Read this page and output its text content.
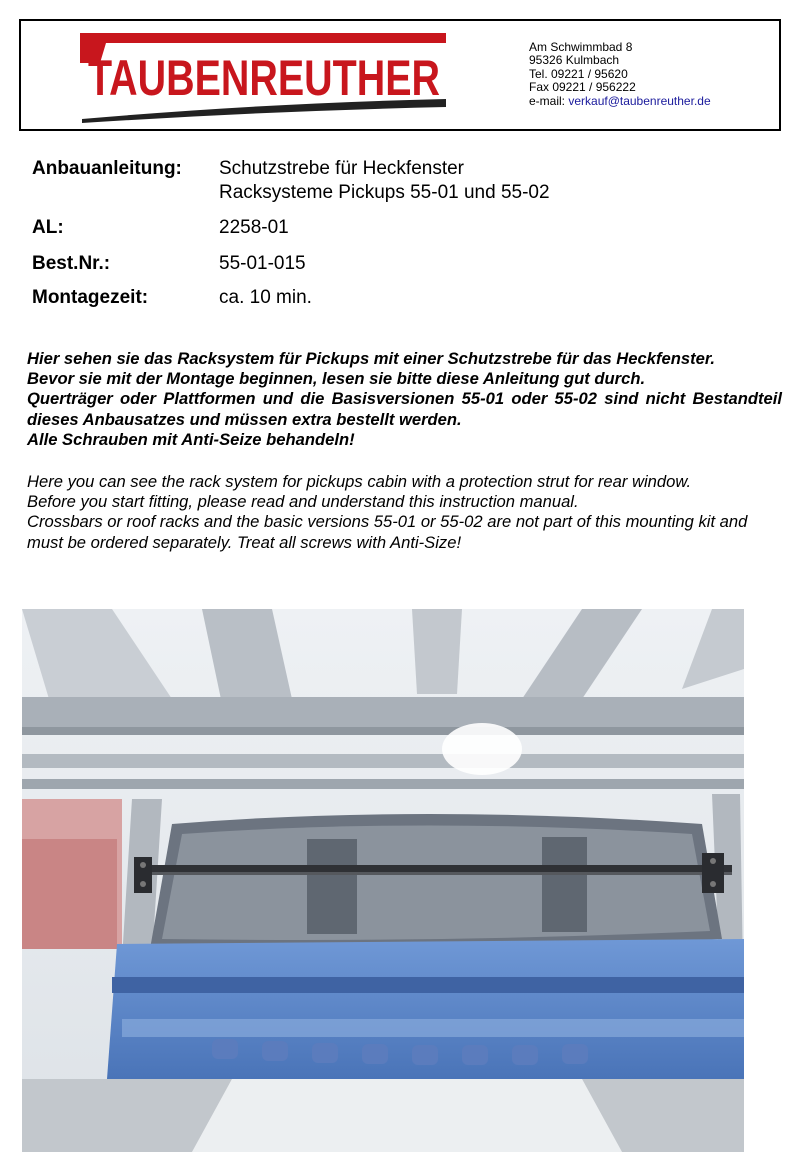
TAUBENREUTHER
Am Schwimmbad 8
95326 Kulmbach
Tel. 09221 / 95620
Fax 09221 / 956222
e-mail: verkauf@taubenreuther.de
Anbauanleitung: Schutzstrebe für Heckfenster
Racksysteme Pickups 55-01 und 55-02
AL:	2258-01
Best.Nr.:	55-01-015
Montagezeit:	ca. 10 min.

Hier sehen sie das Racksystem für Pickups mit einer Schutzstrebe für das Heckfenster.

Bevor sie mit der Montage beginnen, lesen sie bitte diese Anleitung gut durch.

Querträger oder Plattformen und die Basisversionen 55-01 oder 55-02 sind nicht Bestandteil dieses Anbausatzes und müssen extra bestellt werden.

Alle Schrauben mit Anti-Seize behandeln!

Here you can see the rack system for pickups cabin with a protection strut for rear window.

Before you start fitting, please read and understand this instruction manual.

Crossbars or roof racks and the basic versions 55-01 or 55-02 are not part of this mounting kit and must be ordered separately. Treat all screws with Anti-Size!
